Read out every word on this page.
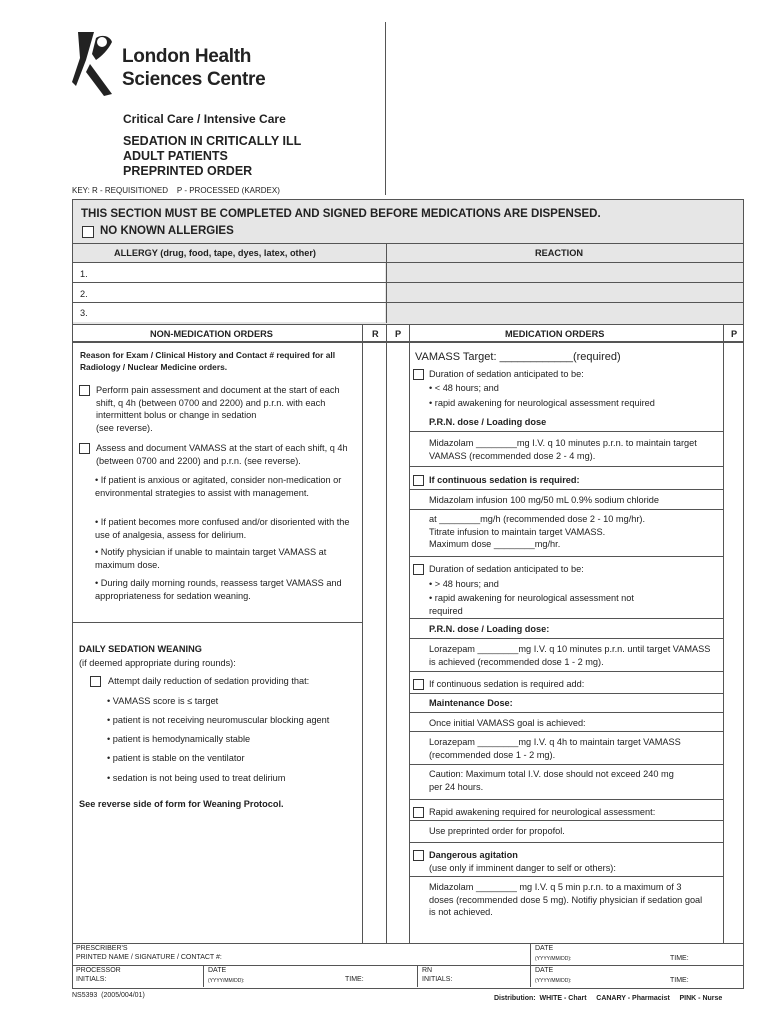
London Health
Sciences Centre
Critical Care / Intensive Care
SEDATION IN CRITICALLY ILL
ADULT PATIENTS
PREPRINTED ORDER
KEY: R - REQUISITIONED    P - PROCESSED (KARDEX)
THIS SECTION MUST BE COMPLETED AND SIGNED BEFORE MEDICATIONS ARE DISPENSED.
NO KNOWN ALLERGIES
ALLERGY (drug, food, tape, dyes, latex, other)	REACTION
1.
2.
3.
NON-MEDICATION ORDERS	R P	MEDICATION ORDERS	P
Reason for Exam / Clinical History and Contact # required for all Radiology / Nuclear Medicine orders.
Perform pain assessment and document at the start of each shift, q 4h (between 0700 and 2200) and p.r.n. with each intermittent bolus or change in sedation
(see reverse).
Assess and document VAMASS at the start of each shift, q 4h (between 0700 and 2200) and p.r.n. (see reverse).
• If patient is anxious or agitated, consider non-medication or environmental strategies to assist with management.
• If patient becomes more confused and/or disoriented with the use of analgesia, assess for delirium.
• Notify physician if unable to maintain target VAMASS at maximum dose.
• During daily morning rounds, reassess target VAMASS and appropriateness for sedation weaning.
DAILY SEDATION WEANING
(if deemed appropriate during rounds):
Attempt daily reduction of sedation providing that:
• VAMASS score is ≤ target
• patient is not receiving neuromuscular blocking agent
• patient is hemodynamically stable
• patient is stable on the ventilator
• sedation is not being used to treat delirium
See reverse side of form for Weaning Protocol.
VAMASS Target: ____________(required)
Duration of sedation anticipated to be:
• < 48 hours; and
• rapid awakening for neurological assessment required
P.R.N. dose / Loading dose
Midazolam ________mg I.V. q 10 minutes p.r.n. to maintain target VAMASS (recommended dose 2 - 4 mg).
If continuous sedation is required:
Midazolam infusion 100 mg/50 mL 0.9% sodium chloride
at ________mg/h (recommended dose 2 - 10 mg/hr).
Titrate infusion to maintain target VAMASS.
Maximum dose ________mg/hr.
Duration of sedation anticipated to be:
• > 48 hours; and
• rapid awakening for neurological assessment not required
P.R.N. dose / Loading dose:
Lorazepam ________mg I.V. q 10 minutes p.r.n. until target VAMASS is achieved (recommended dose 1 - 2 mg).
If continuous sedation is required add:
Maintenance Dose:
Once initial VAMASS goal is achieved:
Lorazepam ________mg I.V. q 4h to maintain target VAMASS (recommended dose 1 - 2 mg).
Caution: Maximum total I.V. dose should not exceed 240 mg per 24 hours.
Rapid awakening required for neurological assessment:
Use preprinted order for propofol.
Dangerous agitation
(use only if imminent danger to self or others):
Midazolam ________ mg I.V. q 5 min p.r.n. to a maximum of 3 doses (recommended dose 5 mg). Notifiy physician if sedation goal is not achieved.
PRESCRIBER'S
PRINTED NAME / SIGNATURE / CONTACT #:
DATE
(YYYY/MM/DD):	TIME:
PROCESSOR
INITIALS:
DATE
(YYYY/MM/DD):	TIME:
RN
INITIALS:
DATE
(YYYY/MM/DD):	TIME:
NS5393  (2005/004/01)	Distribution:  WHITE - Chart     CANARY - Pharmacist     PINK - Nurse
